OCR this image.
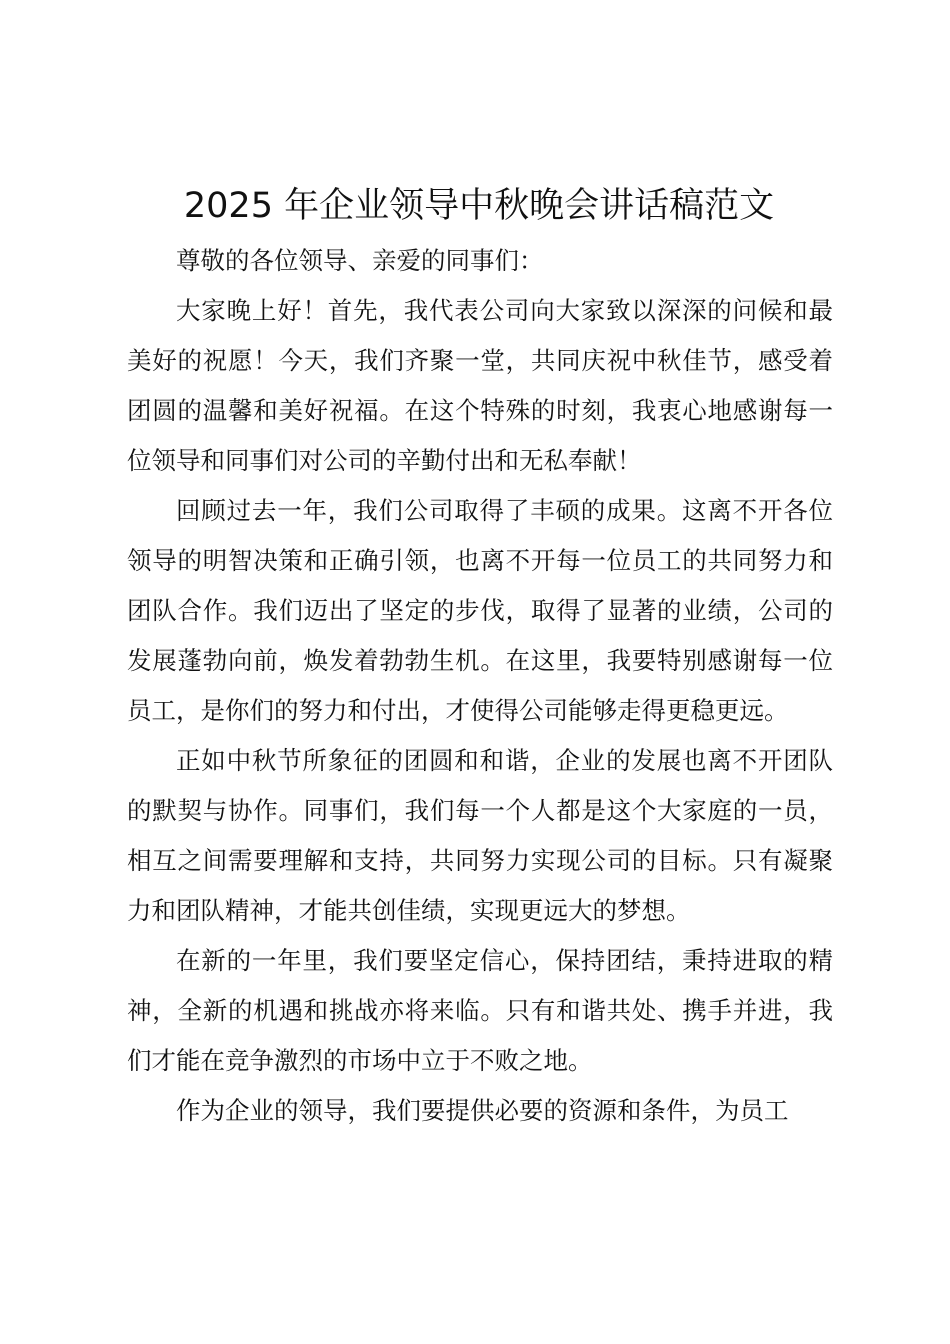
2025 年企业领导中秋晚会讲话稿范文

尊敬的各位领导、亲爱的同事们：

大家晚上好！首先，我代表公司向大家致以深深的问候和最美好的祝愿！今天，我们齐聚一堂，共同庆祝中秋佳节，感受着团圆的温馨和美好祝福。在这个特殊的时刻，我衷心地感谢每一位领导和同事们对公司的辛勤付出和无私奉献！

回顾过去一年，我们公司取得了丰硕的成果。这离不开各位领导的明智决策和正确引领，也离不开每一位员工的共同努力和团队合作。我们迈出了坚定的步伐，取得了显著的业绩，公司的发展蓬勃向前，焕发着勃勃生机。在这里，我要特别感谢每一位员工，是你们的努力和付出，才使得公司能够走得更稳更远。

正如中秋节所象征的团圆和和谐，企业的发展也离不开团队的默契与协作。同事们，我们每一个人都是这个大家庭的一员，相互之间需要理解和支持，共同努力实现公司的目标。只有凝聚力和团队精神，才能共创佳绩，实现更远大的梦想。

在新的一年里，我们要坚定信心，保持团结，秉持进取的精神，全新的机遇和挑战亦将来临。只有和谐共处、携手并进，我们才能在竞争激烈的市场中立于不败之地。

作为企业的领导，我们要提供必要的资源和条件，为员工
